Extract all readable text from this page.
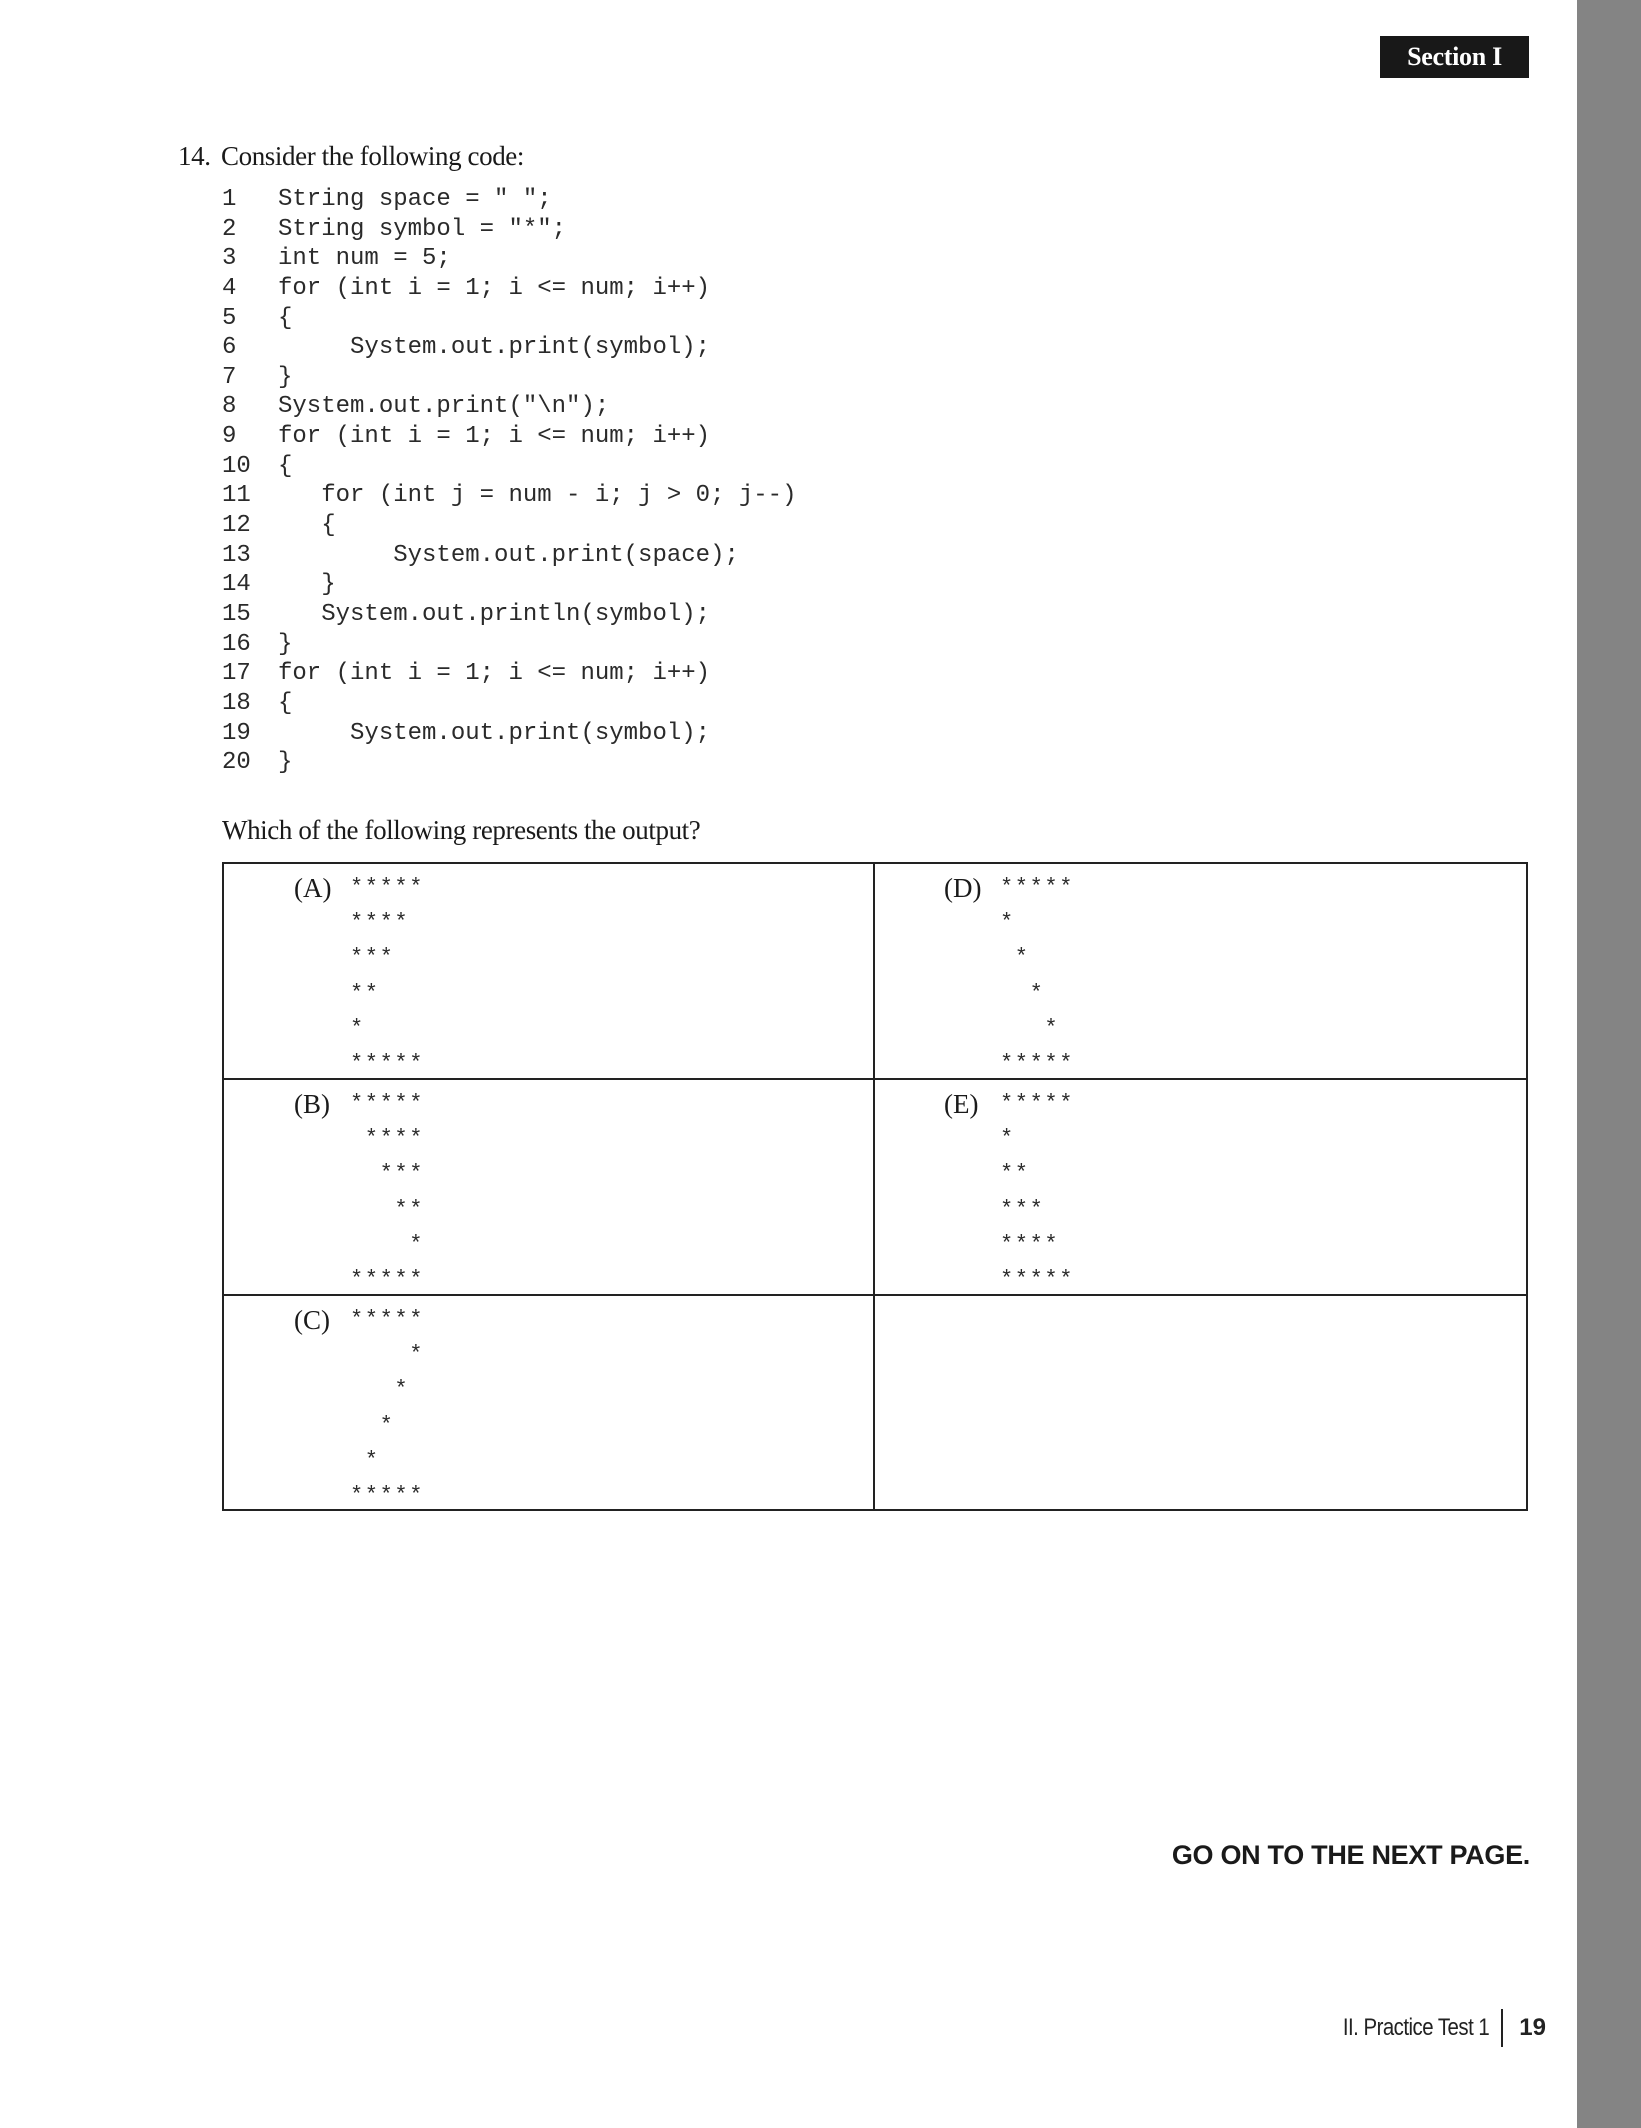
Section I
14. Consider the following code:
1	String space = " ";
2	String symbol = "*";
3	int num = 5;
4	for (int i = 1; i <= num; i++)
5	{
6	System.out.print(symbol);
7	}
8	System.out.print("\n");
9	for (int i = 1; i <= num; i++)
10	{
11	for (int j = num - i; j > 0; j--)
12	{
13	System.out.print(space);
14	}
15	System.out.println(symbol);
16	}
17	for (int i = 1; i <= num; i++)
18	{
19	System.out.print(symbol);
20	}
Which of the following represents the output?
(A) *****
****
***
**
*
*****
(D) *****
*
*
*
*
*****
(B) *****
****
***
**
*
*****
(E) *****
*
**
***
****
*****
(C) *****
*
*
*
*
*****
GO ON TO THE NEXT PAGE.
II. Practice Test 1 19
